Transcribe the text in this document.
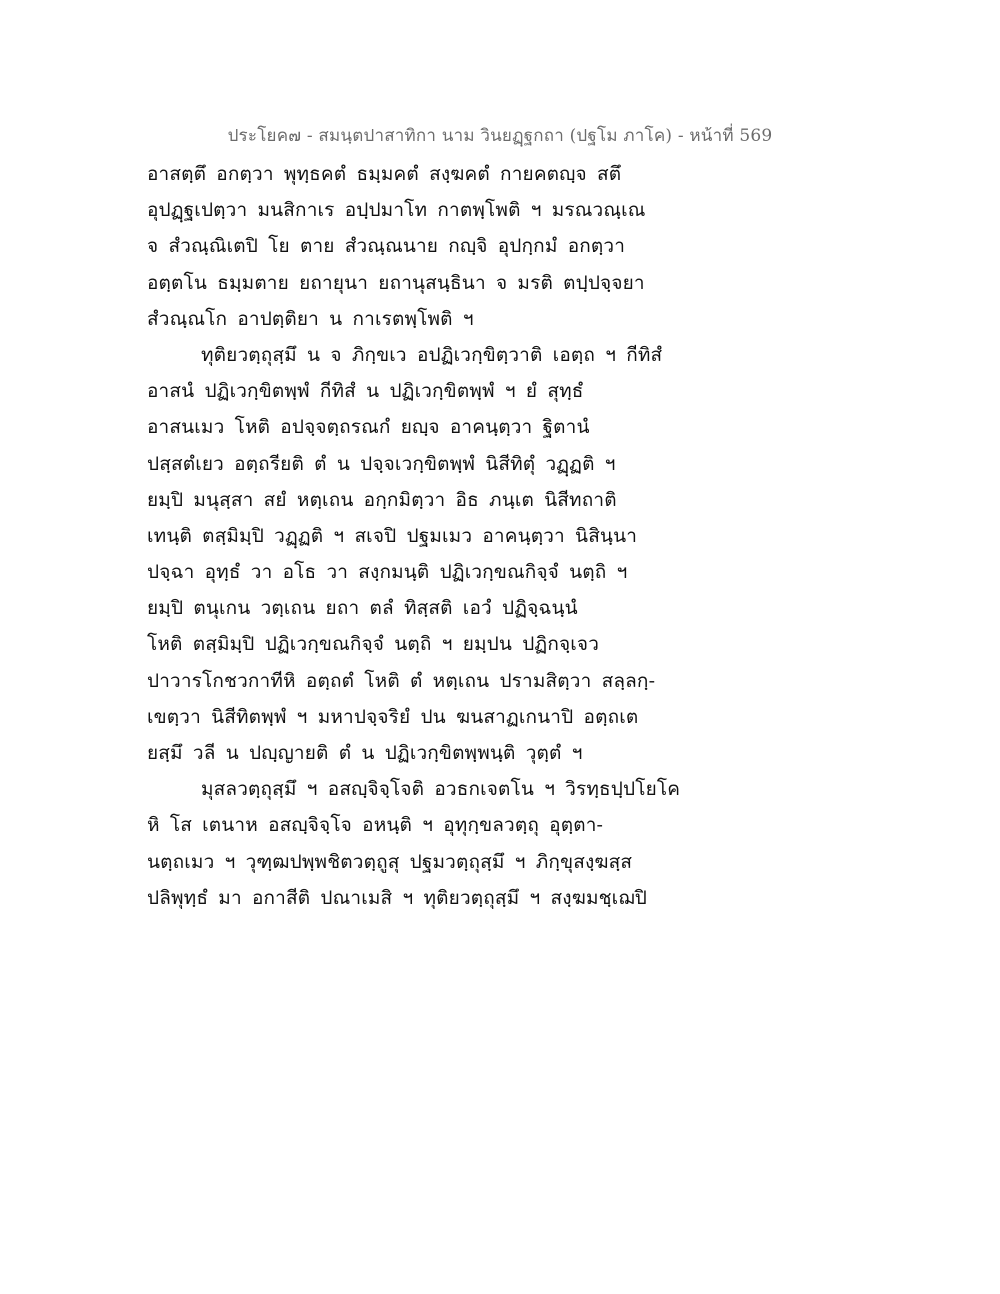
ประโยค๗ - สมนฺตปาสาทิกา นาม วินยฏฺฐกถา (ปฐโม ภาโค) - หน้าที่ 569
อาสตฺตึ อกตฺวา พุทฺธคตํ ธมฺมคตํ สงฺฆคตํ กายคตญฺจ สตึ
อุปฏฺฐเปตฺวา มนสิกาเร อปฺปมาโท กาตพฺโพติ ฯ มรณวณฺเณ
จ สํวณฺณิเตปิ โย ตาย สํวณฺณนาย กญฺจิ อุปกฺกมํ อกตฺวา
อตฺตโน ธมฺมตาย ยถายุนา ยถานุสนฺธินา จ มรติ ตปฺปจฺจยา
สํวณฺณโก อาปตฺติยา น กาเรตพฺโพติ ฯ
ทุติยวตฺถุสฺมึ น จ ภิกฺขเว อปฏิเวกฺขิตฺวาติ เอตฺถ ฯ กีทิสํ
อาสนํ ปฏิเวกฺขิตพฺพํ กีทิสํ น ปฏิเวกฺขิตพฺพํ ฯ ยํ สุทฺธํ
อาสนเมว โหติ อปจฺจตฺถรณกํ ยญฺจ อาคนฺตฺวา ฐิตานํ
ปสฺสตํเยว อตฺถรียติ ตํ น ปจฺจเวกฺขิตพฺพํ นิสีทิตุํ วฏฺฏติ ฯ
ยมฺปิ มนุสฺสา สยํ หตฺเถน อกฺกมิตฺวา อิธ ภนฺเต นิสีทถาติ
เทนฺติ ตสฺมิมฺปิ วฏฺฏติ ฯ สเจปิ ปฐมเมว อาคนฺตฺวา นิสินฺนา
ปจฺฉา อุทฺธํ วา อโธ วา สงฺกมนฺติ ปฏิเวกฺขณกิจฺจํ นตฺถิ ฯ
ยมฺปิ ตนุเกน วตฺเถน ยถา ตลํ ทิสฺสติ เอวํ ปฏิจฺฉนฺนํ
โหติ ตสฺมิมฺปิ ปฏิเวกฺขณกิจฺจํ นตฺถิ ฯ ยมฺปน ปฏิกจฺเจว
ปาวารโกชวกาทีหิ อตฺถตํ โหติ ตํ หตฺเถน ปรามสิตฺวา สลฺลกฺ-
เขตฺวา นิสีทิตพฺพํ ฯ มหาปจฺจริยํ ปน ฆนสาฏเกนาปิ อตฺถเต
ยสฺมึ วลี น ปญฺญายติ ตํ น ปฏิเวกฺขิตพฺพนฺติ วุตฺตํ ฯ
มุสลวตฺถุสฺมึ ฯ อสญฺจิจฺโจติ อวธกเจตโน ฯ วิรทฺธปฺปโยโค
หิ โส เตนาห อสญฺจิจฺโจ อหนฺติ ฯ อุทุกฺขลวตฺถุ อุตฺตา-
นตฺถเมว ฯ วุฑฺฒปพฺพชิตวตฺถูสุ ปฐมวตฺถุสฺมึ ฯ ภิกฺขุสงฺฆสฺส
ปลิพุทฺธํ มา อกาสีติ ปณาเมสิ ฯ ทุติยวตฺถุสฺมึ ฯ สงฺฆมชฺเฌปิ
